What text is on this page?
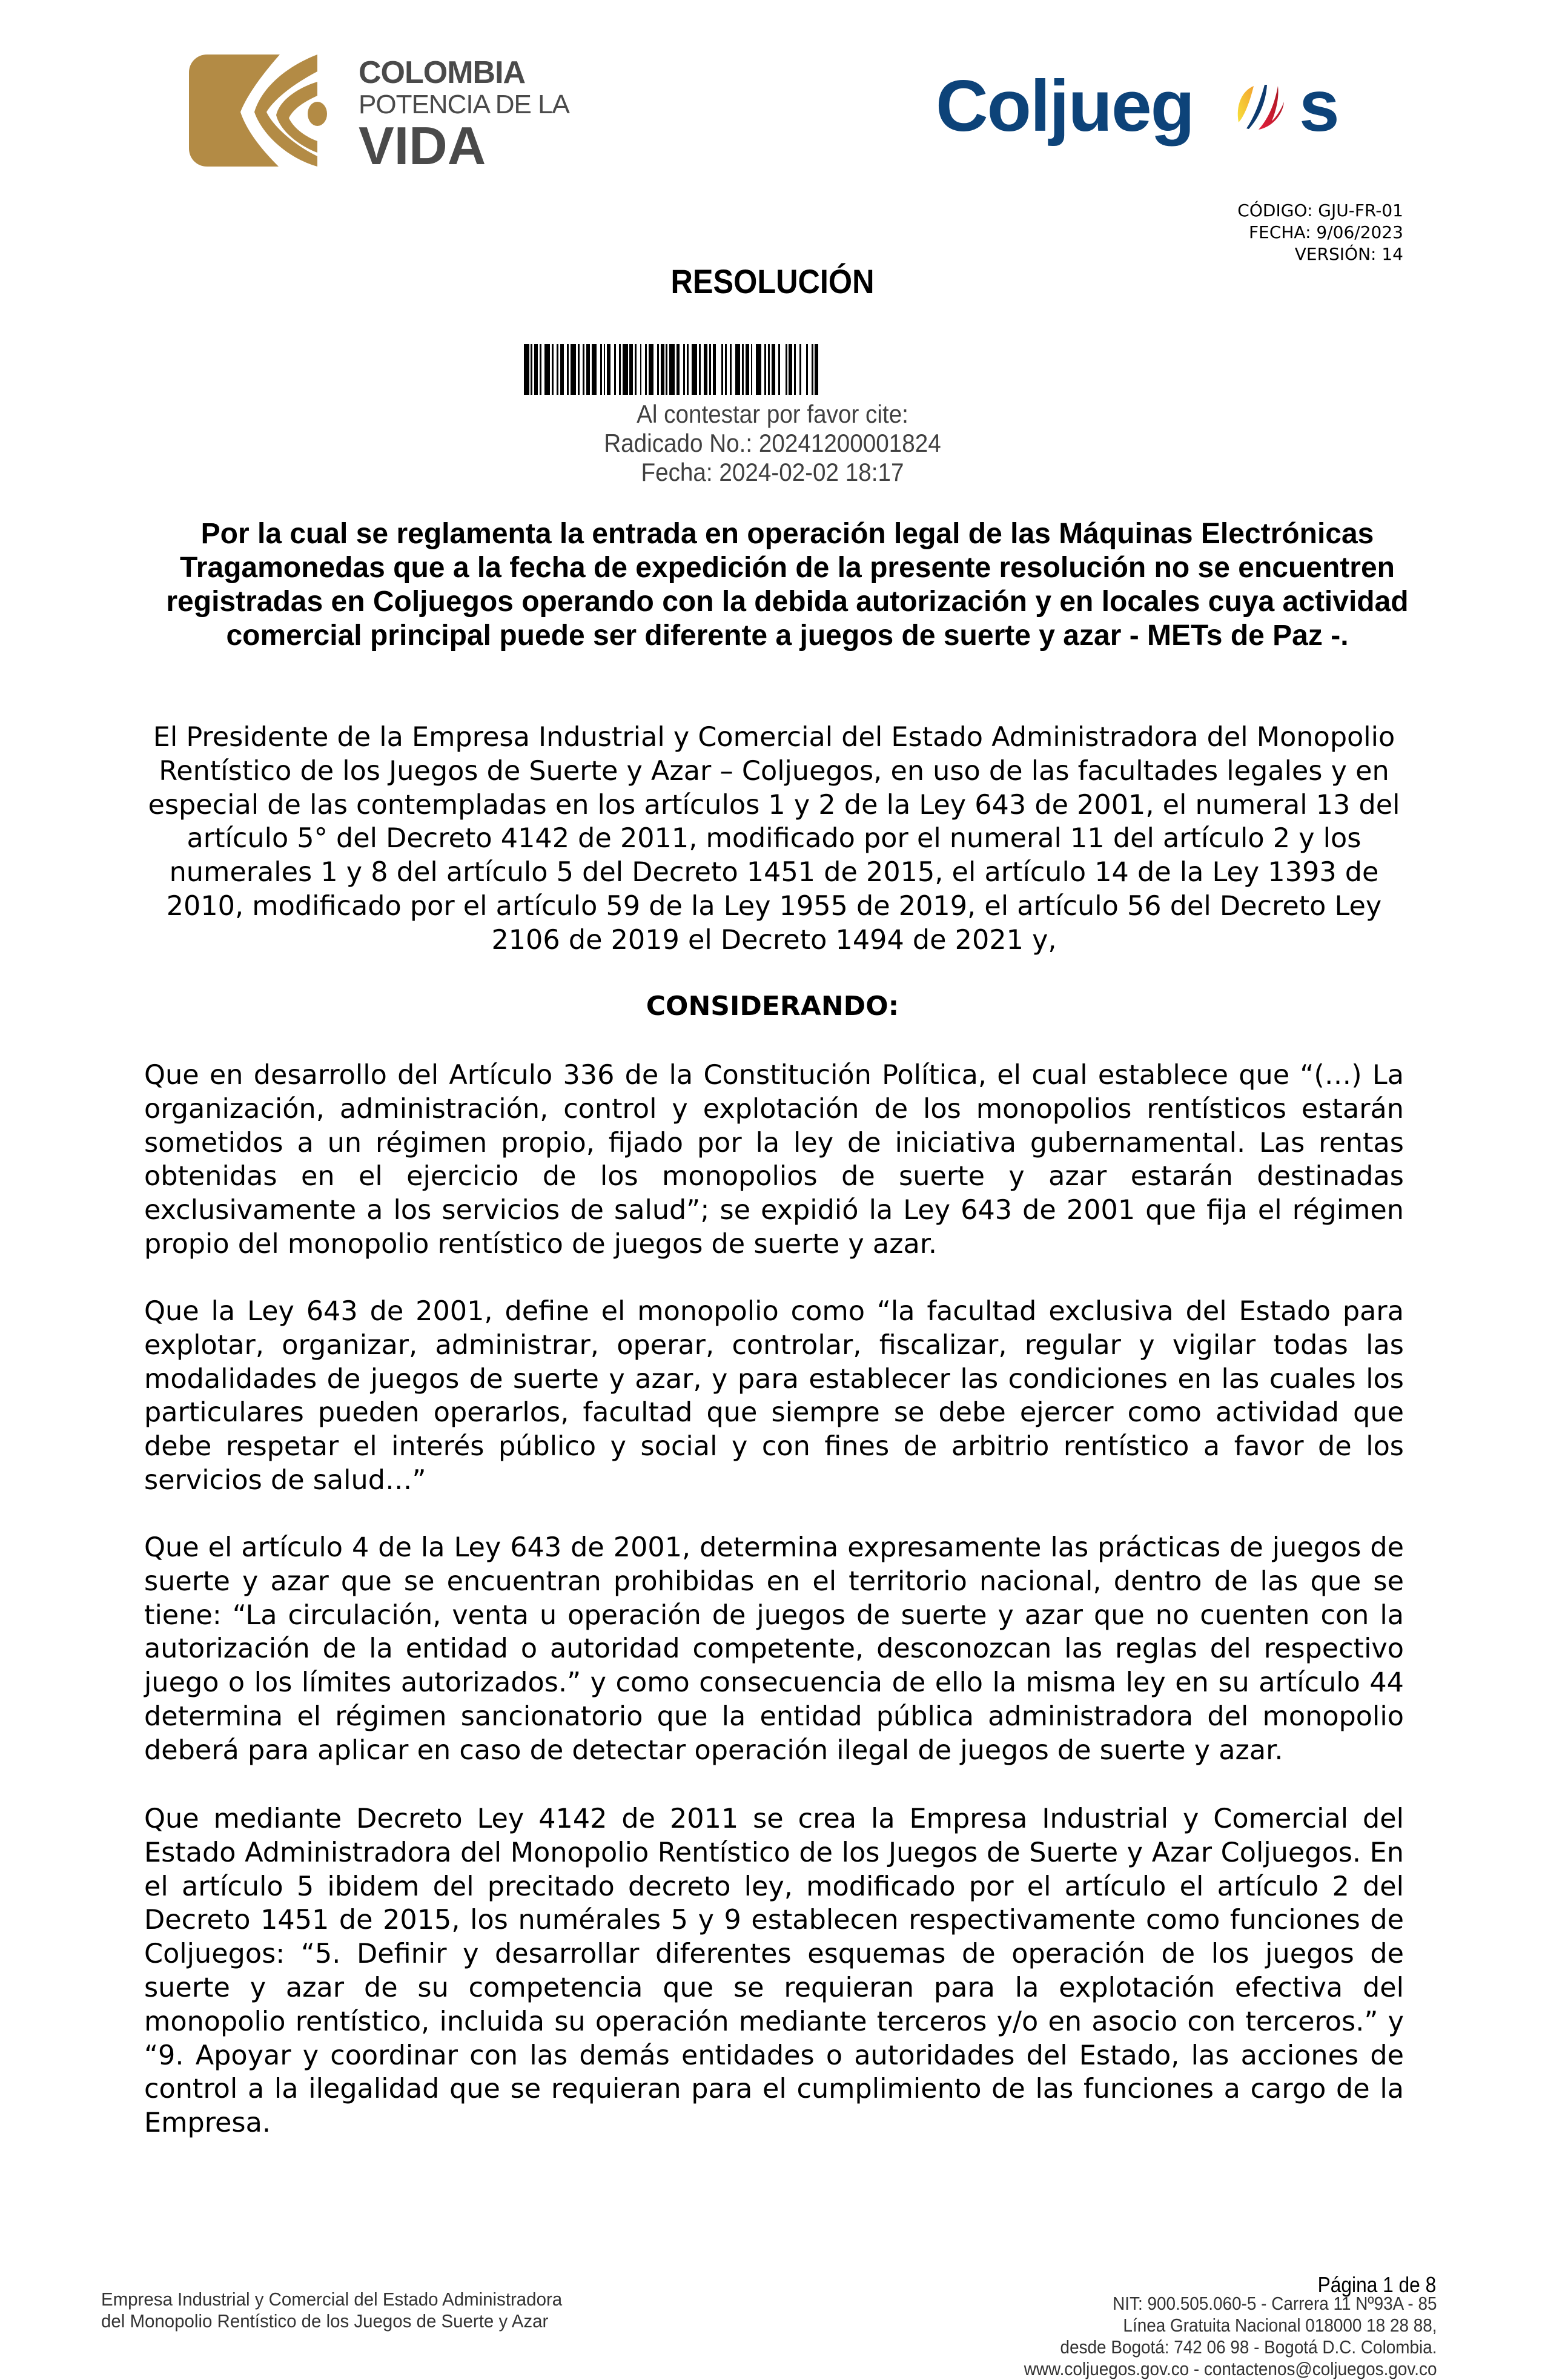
COLOMBIA
POTENCIA DE LA
VIDA	Coljueg s
CÓDIGO: GJU-FR-01
FECHA: 9/06/2023
VERSIÓN: 14
RESOLUCIÓN
Al contestar por favor cite:
Radicado No.: 20241200001824
Fecha: 2024-02-02 18:17
Por la cual se reglamenta la entrada en operación legal de las Máquinas Electrónicas Tragamonedas que a la fecha de expedición de la presente resolución no se encuentren registradas en Coljuegos operando con la debida autorización y en locales cuya actividad comercial principal puede ser diferente a juegos de suerte y azar - METs de Paz -.
El Presidente de la Empresa Industrial y Comercial del Estado Administradora del Monopolio Rentístico de los Juegos de Suerte y Azar – Coljuegos, en uso de las facultades legales y en especial de las contempladas en los artículos 1 y 2 de la Ley 643 de 2001, el numeral 13 del artículo 5° del Decreto 4142 de 2011, modificado por el numeral 11 del artículo 2 y los numerales 1 y 8 del artículo 5 del Decreto 1451 de 2015, el artículo 14 de la Ley 1393 de 2010, modificado por el artículo 59 de la Ley 1955 de 2019, el artículo 56 del Decreto Ley 2106 de 2019 el Decreto 1494 de 2021 y,
CONSIDERANDO:
Que en desarrollo del Artículo 336 de la Constitución Política, el cual establece que “(…) La organización, administración, control y explotación de los monopolios rentísticos estarán sometidos a un régimen propio, fijado por la ley de iniciativa gubernamental. Las rentas obtenidas en el ejercicio de los monopolios de suerte y azar estarán destinadas exclusivamente a los servicios de salud”; se expidió la Ley 643 de 2001 que fija el régimen propio del monopolio rentístico de juegos de suerte y azar.
Que la Ley 643 de 2001, define el monopolio como “la facultad exclusiva del Estado para explotar, organizar, administrar, operar, controlar, fiscalizar, regular y vigilar todas las modalidades de juegos de suerte y azar, y para establecer las condiciones en las cuales los particulares pueden operarlos, facultad que siempre se debe ejercer como actividad que debe respetar el interés público y social y con fines de arbitrio rentístico a favor de los servicios de salud…”
Que el artículo 4 de la Ley 643 de 2001, determina expresamente las prácticas de juegos de suerte y azar que se encuentran prohibidas en el territorio nacional, dentro de las que se tiene: “La circulación, venta u operación de juegos de suerte y azar que no cuenten con la autorización de la entidad o autoridad competente, desconozcan las reglas del respectivo juego o los límites autorizados.” y como consecuencia de ello la misma ley en su artículo 44 determina el régimen sancionatorio que la entidad pública administradora del monopolio deberá para aplicar en caso de detectar operación ilegal de juegos de suerte y azar.
Que mediante Decreto Ley 4142 de 2011 se crea la Empresa Industrial y Comercial del Estado Administradora del Monopolio Rentístico de los Juegos de Suerte y Azar Coljuegos. En el artículo 5 ibidem del precitado decreto ley, modificado por el artículo el artículo 2 del Decreto 1451 de 2015, los numérales 5 y 9 establecen respectivamente como funciones de Coljuegos: “5. Definir y desarrollar diferentes esquemas de operación de los juegos de suerte y azar de su competencia que se requieran para la explotación efectiva del monopolio rentístico, incluida su operación mediante terceros y/o en asocio con terceros.” y “9. Apoyar y coordinar con las demás entidades o autoridades del Estado, las acciones de control a la ilegalidad que se requieran para el cumplimiento de las funciones a cargo de la Empresa.
Empresa Industrial y Comercial del Estado Administradora
del Monopolio Rentístico de los Juegos de Suerte y Azar
Página 1 de 8
NIT: 900.505.060-5 - Carrera 11 Nº93A - 85
Línea Gratuita Nacional 018000 18 28 88,
desde Bogotá: 742 06 98 - Bogotá D.C. Colombia.
www.coljuegos.gov.co - contactenos@coljuegos.gov.co
